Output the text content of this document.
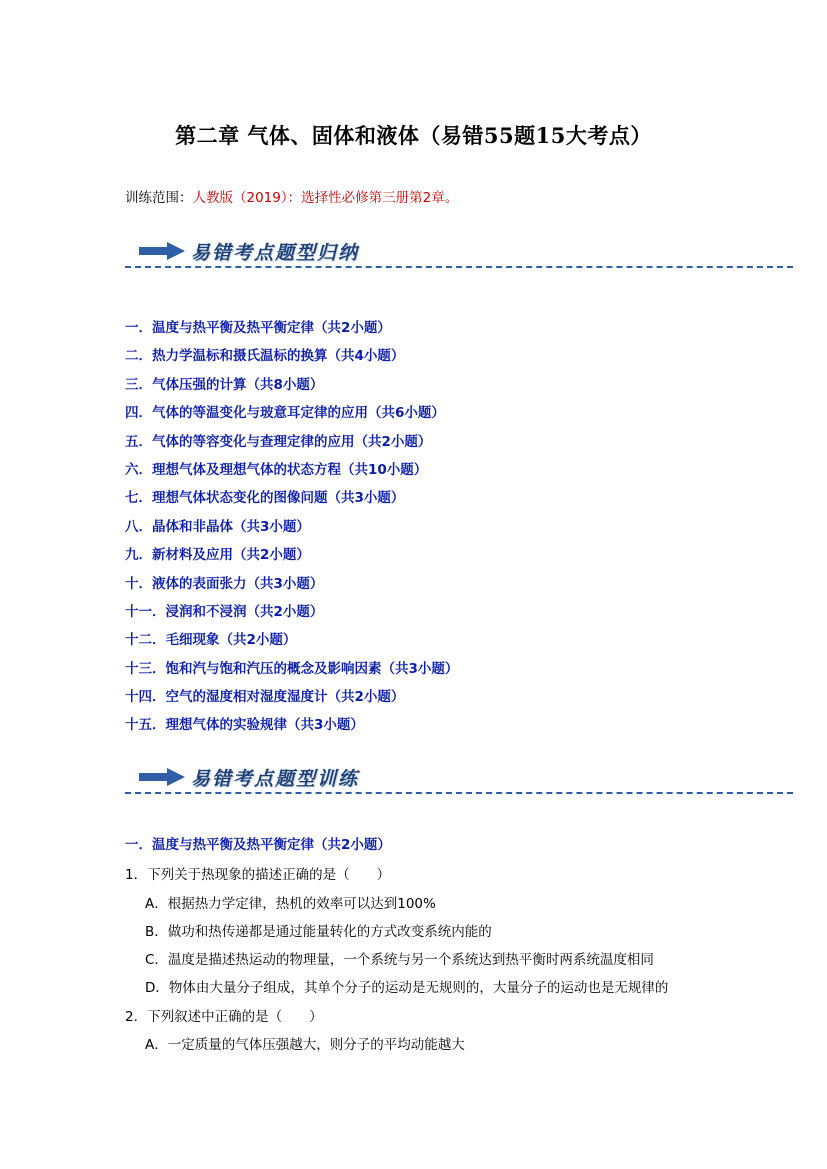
第二章 气体、固体和液体（易错55题15大考点）
训练范围：人教版（2019）：选择性必修第三册第2章。
易错考点题型归纳
一．温度与热平衡及热平衡定律（共2小题）
二．热力学温标和摄氏温标的换算（共4小题）
三．气体压强的计算（共8小题）
四．气体的等温变化与玻意耳定律的应用（共6小题）
五．气体的等容变化与查理定律的应用（共2小题）
六．理想气体及理想气体的状态方程（共10小题）
七．理想气体状态变化的图像问题（共3小题）
八．晶体和非晶体（共3小题）
九．新材料及应用（共2小题）
十．液体的表面张力（共3小题）
十一．浸润和不浸润（共2小题）
十二．毛细现象（共2小题）
十三．饱和汽与饱和汽压的概念及影响因素（共3小题）
十四．空气的湿度相对湿度湿度计（共2小题）
十五．理想气体的实验规律（共3小题）
易错考点题型训练
一．温度与热平衡及热平衡定律（共2小题）
1．下列关于热现象的描述正确的是（　　）
A．根据热力学定律，热机的效率可以达到100%
B．做功和热传递都是通过能量转化的方式改变系统内能的
C．温度是描述热运动的物理量，一个系统与另一个系统达到热平衡时两系统温度相同
D．物体由大量分子组成，其单个分子的运动是无规则的，大量分子的运动也是无规律的
2．下列叙述中正确的是（　　）
A．一定质量的气体压强越大，则分子的平均动能越大
